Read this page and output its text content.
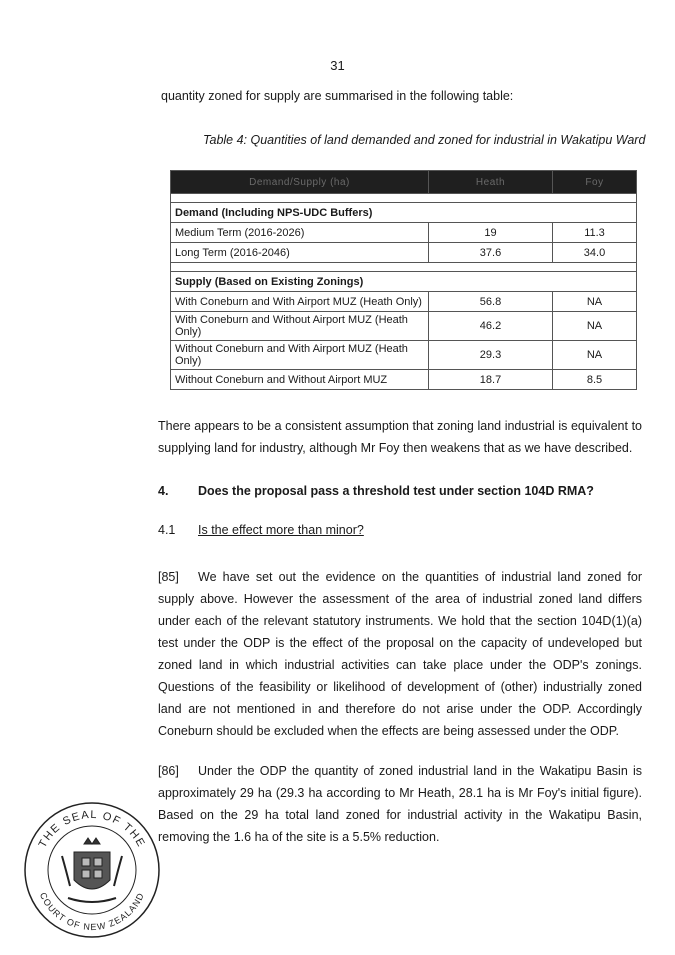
31
quantity zoned for supply are summarised in the following table:
Table 4: Quantities of land demanded and zoned for industrial in Wakatipu Ward
Demand/Supply (ha)	Heath	Foy

Demand (Including NPS-UDC Buffers)		
Medium Term (2016-2026)	19	11.3
Long Term (2016-2046)	37.6	34.0

Supply (Based on Existing Zonings)		
With Coneburn and With Airport MUZ (Heath Only)	56.8	NA
With Coneburn and Without Airport MUZ (Heath Only)	46.2	NA
Without Coneburn and With Airport MUZ (Heath Only)	29.3	NA
Without Coneburn and Without Airport MUZ	18.7	8.5
There appears to be a consistent assumption that zoning land industrial is equivalent to supplying land for industry, although Mr Foy then weakens that as we have described.
4. Does the proposal pass a threshold test under section 104D RMA?
4.1 Is the effect more than minor?
[85] We have set out the evidence on the quantities of industrial land zoned for supply above. However the assessment of the area of industrial zoned land differs under each of the relevant statutory instruments. We hold that the section 104D(1)(a) test under the ODP is the effect of the proposal on the capacity of undeveloped but zoned land in which industrial activities can take place under the ODP's zonings. Questions of the feasibility or likelihood of development of (other) industrially zoned land are not mentioned in and therefore do not arise under the ODP. Accordingly Coneburn should be excluded when the effects are being assessed under the ODP.
[86] Under the ODP the quantity of zoned industrial land in the Wakatipu Basin is approximately 29 ha (29.3 ha according to Mr Heath, 28.1 ha is Mr Foy's initial figure). Based on the 29 ha total land zoned for industrial activity in the Wakatipu Basin, removing the 1.6 ha of the site is a 5.5% reduction.
THE SEAL OF THE
COURT OF NEW ZEALAND
